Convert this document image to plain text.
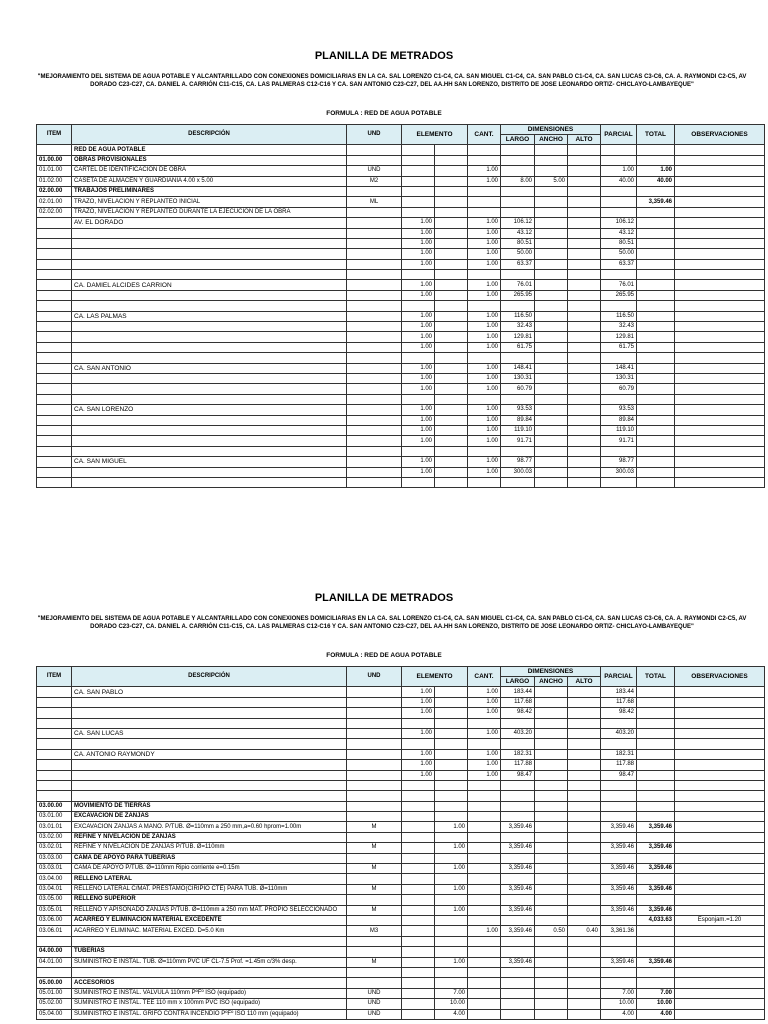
PLANILLA DE METRADOS
"MEJORAMIENTO DEL SISTEMA DE AGUA POTABLE Y ALCANTARILLADO CON CONEXIONES DOMICILIARIAS EN LA CA. SAL LORENZO C1-C4, CA. SAN MIGUEL C1-C4, CA. SAN PABLO C1-C4, CA. SAN LUCAS C3-C6, CA. A. RAYMONDI C2-C5, AV DORADO C23-C27, CA. DANIEL A. CARRIÓN C11-C15, CA. LAS PALMERAS C12-C16 Y CA. SAN ANTONIO C23-C27, DEL AA.HH SAN LORENZO, DISTRITO DE JOSE LEONARDO ORTIZ- CHICLAYO-LAMBAYEQUE"
FORMULA : RED DE AGUA POTABLE
ITEM	DESCRIPCIÓN	UND	ELEMENTO		CANT.	DIMENSIONES			PARCIAL	TOTAL	OBSERVACIONES
						LARGO	ANCHO	ALTO			
	RED DE AGUA POTABLE										
01.00.00	OBRAS PROVISIONALES										
01.01.00	CARTEL DE IDENTIFICACION DE OBRA	UND			1.00				1.00	1.00	
01.02.00	CASETA DE ALMACEN Y GUARDIANIA 4.00 x 5.00	M2			1.00	8.00	5.00		40.00	40.00	
02.00.00	TRABAJOS PRELIMINARES										
02.01.00	TRAZO, NIVELACION Y REPLANTEO INICIAL	ML								3,359.46	
02.02.00	TRAZO, NIVELACION Y REPLANTEO DURANTE LA EJECUCION DE LA OBRA										
	AV. EL DORADO		1.00		1.00	106.12			106.12		
			1.00		1.00	43.12			43.12		
			1.00		1.00	80.51			80.51		
			1.00		1.00	50.00			50.00		
			1.00		1.00	63.37			63.37		

	CA. DAMIEL ALCIDES CARRION		1.00		1.00	76.01			76.01		
			1.00		1.00	265.95			265.95		

	CA. LAS PALMAS		1.00		1.00	116.50			116.50		
			1.00		1.00	32.43			32.43		
			1.00		1.00	129.81			129.81		
			1.00		1.00	61.75			61.75		

	CA. SAN ANTONIO		1.00		1.00	148.41			148.41		
			1.00		1.00	130.31			130.31		
			1.00		1.00	60.79			60.79		

	CA. SAN LORENZO		1.00		1.00	93.53			93.53		
			1.00		1.00	89.84			89.84		
			1.00		1.00	119.10			119.10		
			1.00		1.00	91.71			91.71		

	CA. SAN MIGUEL		1.00		1.00	98.77			98.77		
			1.00		1.00	300.03			300.03		

PLANILLA DE METRADOS
"MEJORAMIENTO DEL SISTEMA DE AGUA POTABLE Y ALCANTARILLADO CON CONEXIONES DOMICILIARIAS EN LA CA. SAL LORENZO C1-C4, CA. SAN MIGUEL C1-C4, CA. SAN PABLO C1-C4, CA. SAN LUCAS C3-C6, CA. A. RAYMONDI C2-C5, AV DORADO C23-C27, CA. DANIEL A. CARRIÓN C11-C15, CA. LAS PALMERAS C12-C16 Y CA. SAN ANTONIO C23-C27, DEL AA.HH SAN LORENZO, DISTRITO DE JOSE LEONARDO ORTIZ- CHICLAYO-LAMBAYEQUE"
FORMULA : RED DE AGUA POTABLE
ITEM	DESCRIPCIÓN	UND	ELEMENTO		CANT.	DIMENSIONES			PARCIAL	TOTAL	OBSERVACIONES
						LARGO	ANCHO	ALTO			
	CA. SAN PABLO		1.00		1.00	183.44			183.44		
			1.00		1.00	117.68			117.68		
			1.00		1.00	98.42			98.42		

	CA. SAN LUCAS		1.00		1.00	403.20			403.20		

	CA. ANTONIO RAYMONDY		1.00		1.00	182.31			182.31		
			1.00		1.00	117.88			117.88		
			1.00		1.00	98.47			98.47		

03.00.00	MOVIMIENTO DE TIERRAS										
03.01.00	EXCAVACION DE ZANJAS										
03.01.01	EXCAVACION ZANJAS A MANO. P/TUB. Ø=110mm a 250 mm,a=0.60 hprom=1.00m	M		1.00		3,359.46			3,359.46	3,359.46	
03.02.00	REFINE Y NIVELACION DE ZANJAS										
03.02.01	REFINE Y NIVELACION DE ZANJAS P/TUB. Ø=110mm	M		1.00		3,359.46			3,359.46	3,359.46	
03.03.00	CAMA DE APOYO PARA TUBERIAS										
03.03.01	CAMA DE APOYO P/TUB. Ø=110mm Ripio corriente e=0.15m	M		1.00		3,359.46			3,359.46	3,359.46	
03.04.00	RELLENO LATERAL										
03.04.01	RELLENO LATERAL C/MAT. PRÉSTAMO(CIRIPIO CTE) PARA TUB. Ø=110mm	M		1.00		3,359.46			3,359.46	3,359.46	
03.05.00	RELLENO SUPERIOR										
03.05.01	RELLENO Y APISONADO ZANJAS P/TUB. Ø=110mm a 250 mm MAT. PROPIO SELECCIONADO	M		1.00		3,359.46			3,359.46	3,359.46	
03.06.00	ACARREO Y ELIMINACION MATERIAL EXCEDENTE									4,033.63	Esponjam.=1.20
03.06.01	ACARREO Y ELIMINAC. MATERIAL EXCED. D=5.0 Km	M3			1.00	3,359.46	0.50	0.40	3,361.36		

04.00.00	TUBERIAS										
04.01.00	SUMINISTRO E INSTAL. TUB. Ø=110mm PVC UF CL-7.5 Prof. =1.45m c/3% desp.	M		1.00		3,359.46			3,359.46	3,359.46	

05.00.00	ACCESORIOS										
05.01.00	SUMINISTRO E INSTAL. VALVULA 110mm PºFº ISO (equipado)	UND		7.00					7.00	7.00	
05.02.00	SUMINISTRO E INSTAL. TEE 110 mm x 100mm PVC ISO (equipado)	UND		10.00					10.00	10.00	
05.04.00	SUMINISTRO E INSTAL. GRIFO CONTRA INCENDIO PºFº ISO 110 mm (equipado)	UND		4.00					4.00	4.00	
